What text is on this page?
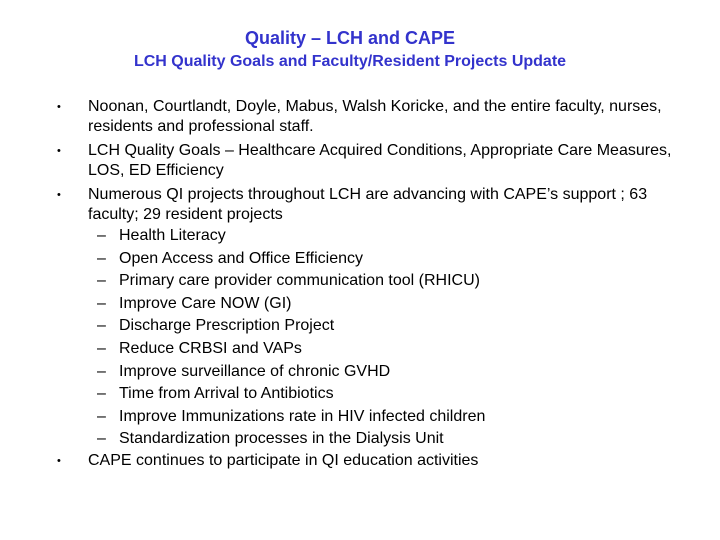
Quality – LCH and CAPE
LCH Quality Goals and Faculty/Resident Projects Update
•	Noonan, Courtlandt, Doyle, Mabus, Walsh Koricke, and the entire faculty, nurses, residents and professional staff.
•	LCH Quality Goals – Healthcare Acquired Conditions, Appropriate Care Measures, LOS, ED Efficiency
•	Numerous QI projects throughout LCH are advancing with CAPE’s support ; 63 faculty; 29 resident projects
– Health Literacy
– Open Access and Office Efficiency
– Primary care provider communication tool (RHICU)
– Improve Care NOW (GI)
– Discharge Prescription Project
– Reduce CRBSI and VAPs
– Improve surveillance of chronic GVHD
– Time from Arrival to Antibiotics
– Improve Immunizations rate in HIV infected children
– Standardization processes in the Dialysis Unit
•	CAPE continues to participate in QI education activities
